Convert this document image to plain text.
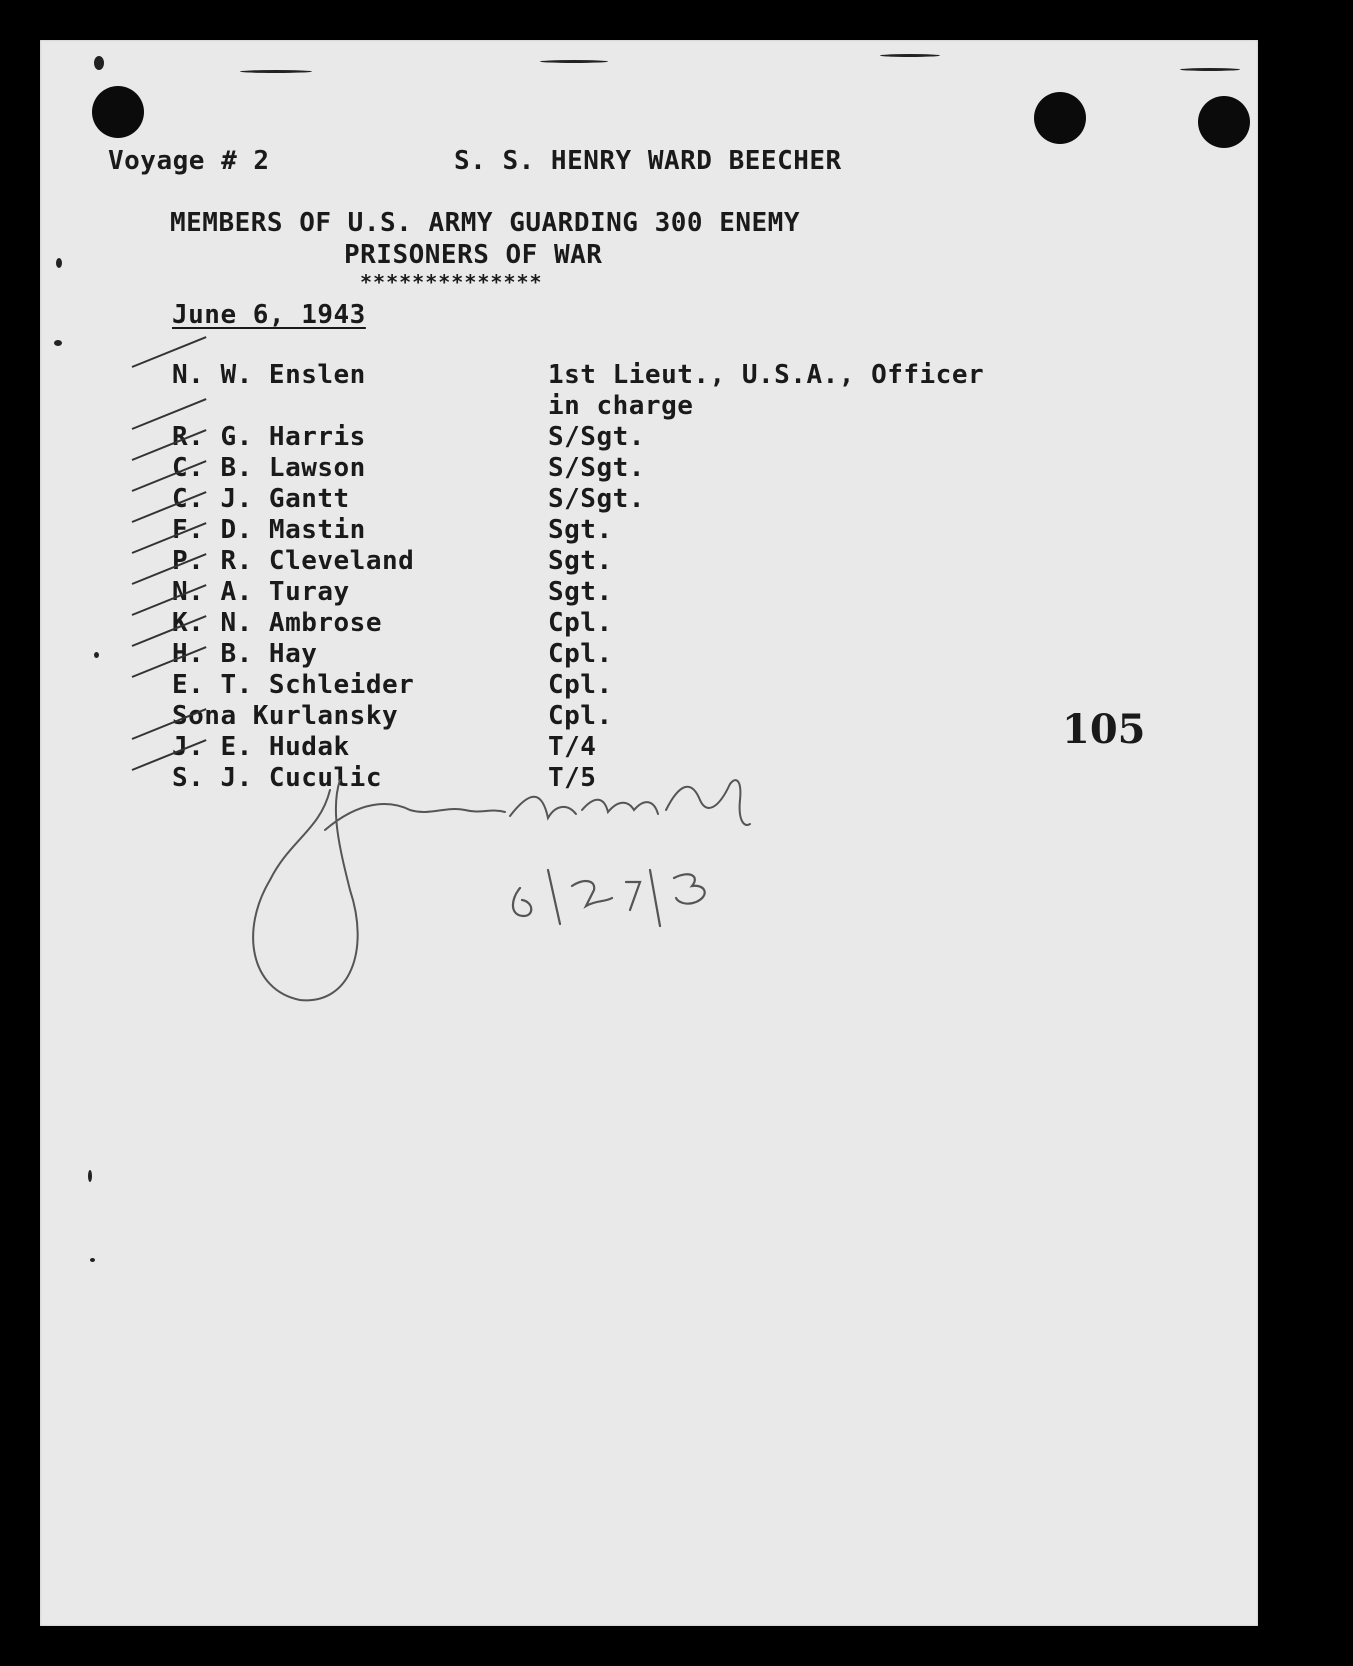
Voyage # 2	S. S. HENRY WARD BEECHER
MEMBERS OF U.S. ARMY GUARDING 300 ENEMY
PRISONERS OF WAR
**************
June 6, 1943
N. W. Enslen	1st Lieut., U.S.A., Officer
in charge
R. G. Harris	S/Sgt.
C. B. Lawson	S/Sgt.
C. J. Gantt	S/Sgt.
F. D. Mastin	Sgt.
P. R. Cleveland	Sgt.
N. A. Turay	Sgt.
K. N. Ambrose	Cpl.
H. B. Hay	Cpl.
E. T. Schleider	Cpl.
Sona Kurlansky	Cpl.
J. E. Hudak	T/4
S. J. Cuculic	T/5
105
